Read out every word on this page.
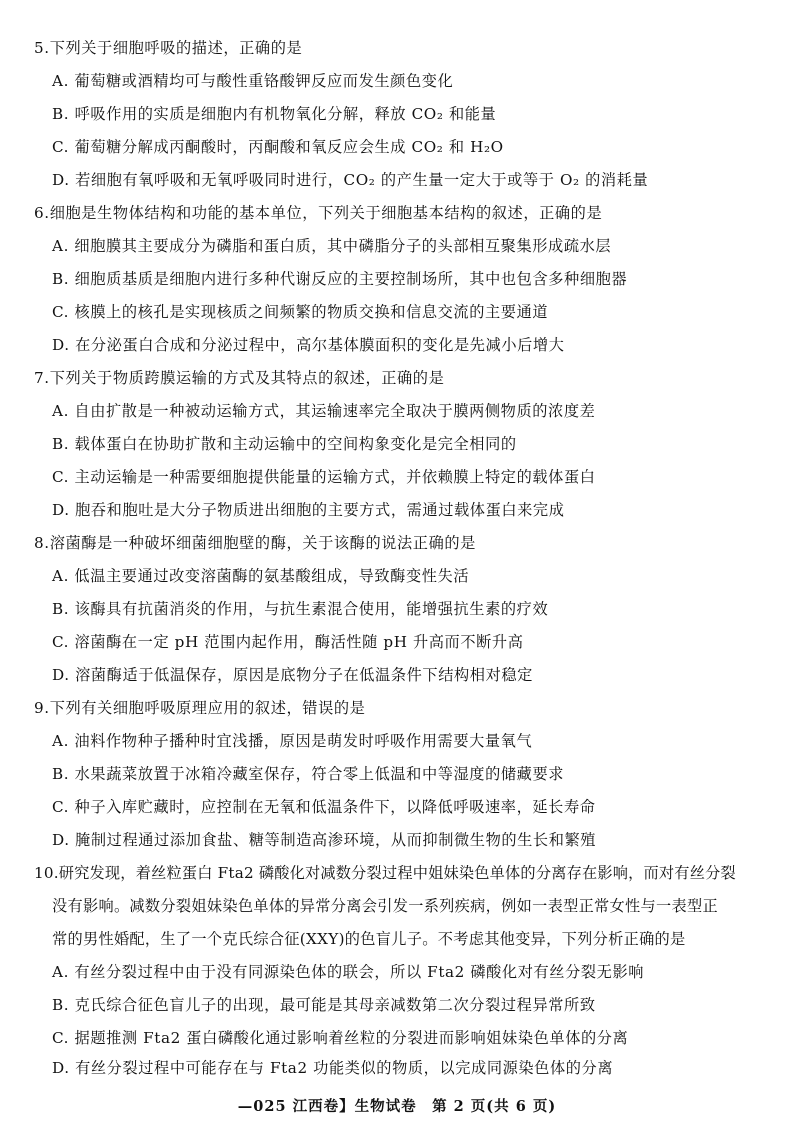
5.下列关于细胞呼吸的描述，正确的是
A. 葡萄糖或酒精均可与酸性重铬酸钾反应而发生颜色变化
B. 呼吸作用的实质是细胞内有机物氧化分解，释放 CO₂ 和能量
C. 葡萄糖分解成丙酮酸时，丙酮酸和氧反应会生成 CO₂ 和 H₂O
D. 若细胞有氧呼吸和无氧呼吸同时进行，CO₂ 的产生量一定大于或等于 O₂ 的消耗量
6.细胞是生物体结构和功能的基本单位，下列关于细胞基本结构的叙述，正确的是
A. 细胞膜其主要成分为磷脂和蛋白质，其中磷脂分子的头部相互聚集形成疏水层
B. 细胞质基质是细胞内进行多种代谢反应的主要控制场所，其中也包含多种细胞器
C. 核膜上的核孔是实现核质之间频繁的物质交换和信息交流的主要通道
D. 在分泌蛋白合成和分泌过程中，高尔基体膜面积的变化是先减小后增大
7.下列关于物质跨膜运输的方式及其特点的叙述，正确的是
A. 自由扩散是一种被动运输方式，其运输速率完全取决于膜两侧物质的浓度差
B. 载体蛋白在协助扩散和主动运输中的空间构象变化是完全相同的
C. 主动运输是一种需要细胞提供能量的运输方式，并依赖膜上特定的载体蛋白
D. 胞吞和胞吐是大分子物质进出细胞的主要方式，需通过载体蛋白来完成
8.溶菌酶是一种破坏细菌细胞壁的酶，关于该酶的说法正确的是
A. 低温主要通过改变溶菌酶的氨基酸组成，导致酶变性失活
B. 该酶具有抗菌消炎的作用，与抗生素混合使用，能增强抗生素的疗效
C. 溶菌酶在一定 pH 范围内起作用，酶活性随 pH 升高而不断升高
D. 溶菌酶适于低温保存，原因是底物分子在低温条件下结构相对稳定
9.下列有关细胞呼吸原理应用的叙述，错误的是
A. 油料作物种子播种时宜浅播，原因是萌发时呼吸作用需要大量氧气
B. 水果蔬菜放置于冰箱冷藏室保存，符合零上低温和中等湿度的储藏要求
C. 种子入库贮藏时，应控制在无氧和低温条件下，以降低呼吸速率，延长寿命
D. 腌制过程通过添加食盐、糖等制造高渗环境，从而抑制微生物的生长和繁殖
10.研究发现，着丝粒蛋白 Fta2 磷酸化对减数分裂过程中姐妹染色单体的分离存在影响，而对有丝分裂
没有影响。减数分裂姐妹染色单体的异常分离会引发一系列疾病，例如一表型正常女性与一表型正
常的男性婚配，生了一个克氏综合征(XXY)的色盲儿子。不考虑其他变异，下列分析正确的是
A. 有丝分裂过程中由于没有同源染色体的联会，所以 Fta2 磷酸化对有丝分裂无影响
B. 克氏综合征色盲儿子的出现，最可能是其母亲减数第二次分裂过程异常所致
C. 据题推测 Fta2 蛋白磷酸化通过影响着丝粒的分裂进而影响姐妹染色单体的分离
D. 有丝分裂过程中可能存在与 Fta2 功能类似的物质，以完成同源染色体的分离
—025 江西卷】生物试卷　第 2 页(共 6 页)
